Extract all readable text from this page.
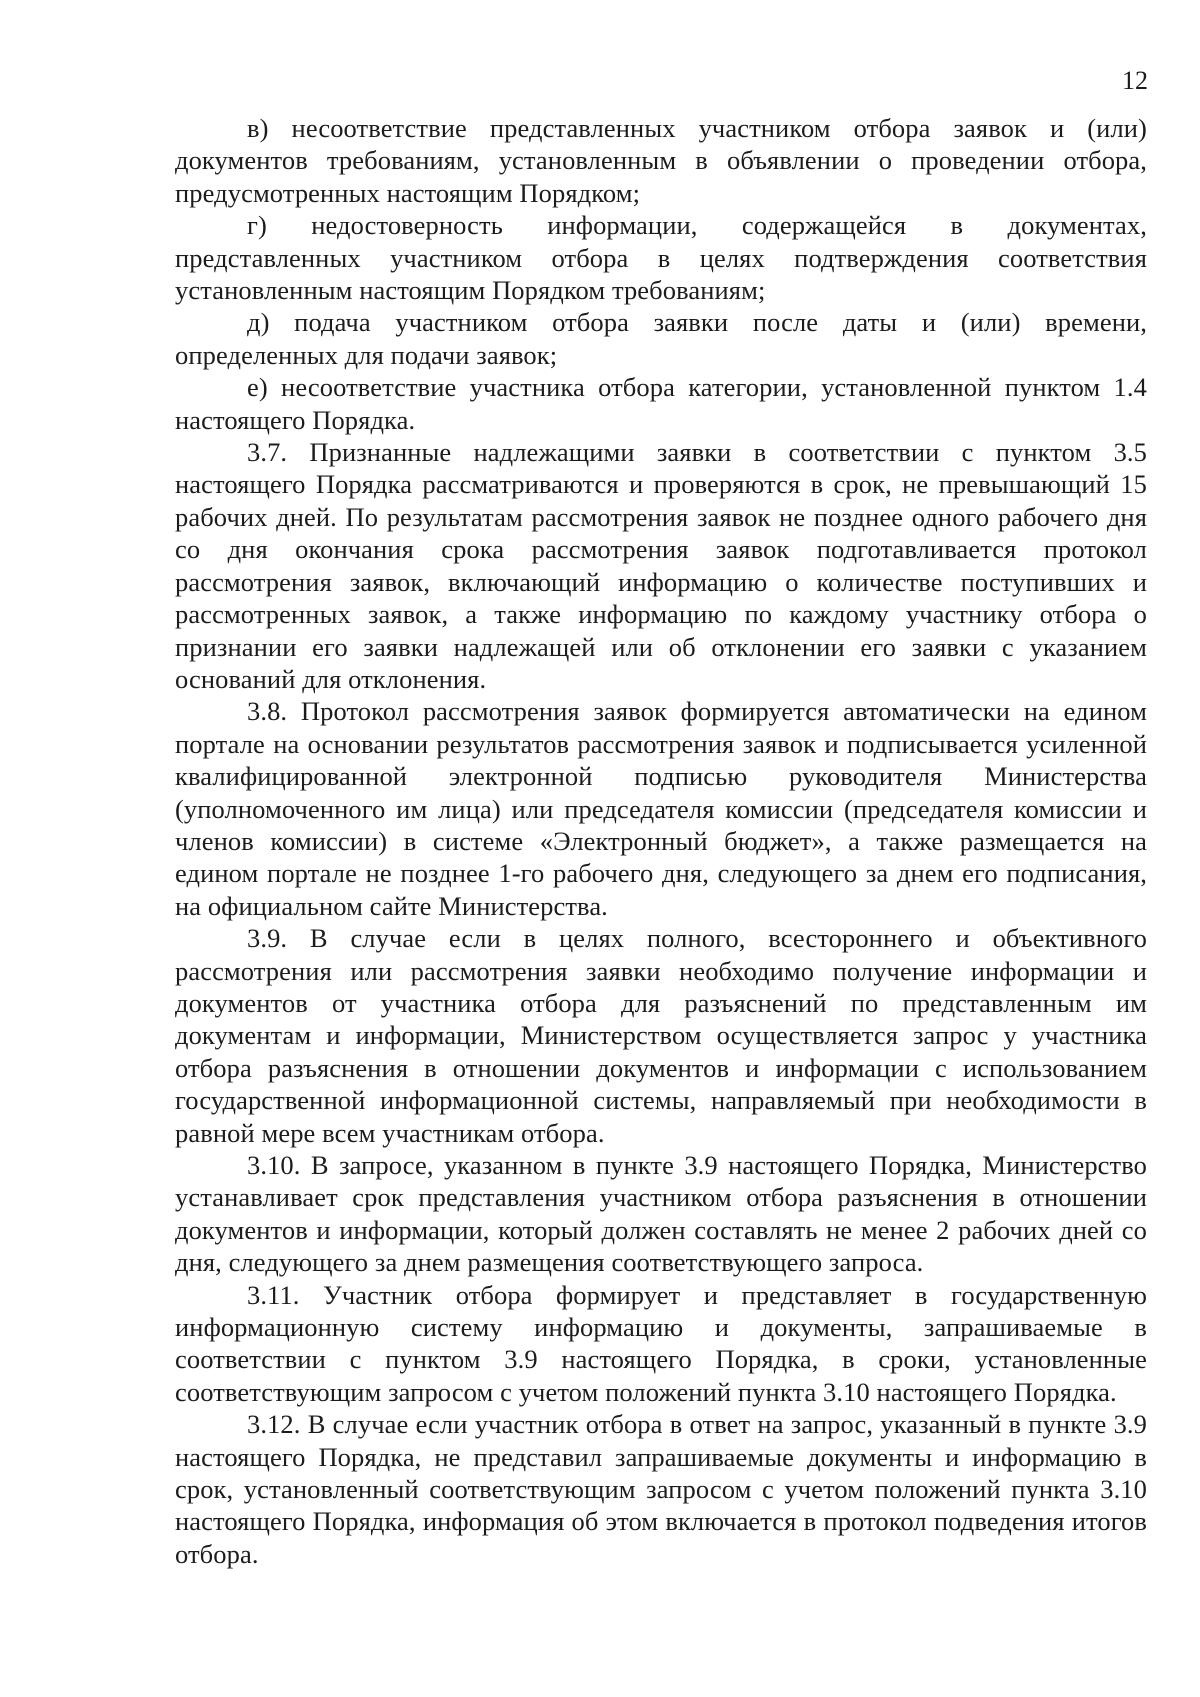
12

в) несоответствие представленных участником отбора заявок и (или) документов требованиям, установленным в объявлении о проведении отбора, предусмотренных настоящим Порядком;

г) недостоверность информации, содержащейся в документах, представленных участником отбора в целях подтверждения соответствия установленным настоящим Порядком требованиям;

д) подача участником отбора заявки после даты и (или) времени, определенных для подачи заявок;

е) несоответствие участника отбора категории, установленной пунктом 1.4 настоящего Порядка.

3.7. Признанные надлежащими заявки в соответствии с пунктом 3.5 настоящего Порядка рассматриваются и проверяются в срок, не превышающий 15 рабочих дней. По результатам рассмотрения заявок не позднее одного рабочего дня со дня окончания срока рассмотрения заявок подготавливается протокол рассмотрения заявок, включающий информацию о количестве поступивших и рассмотренных заявок, а также информацию по каждому участнику отбора о признании его заявки надлежащей или об отклонении его заявки с указанием оснований для отклонения.

3.8. Протокол рассмотрения заявок формируется автоматически на едином портале на основании результатов рассмотрения заявок и подписывается усиленной квалифицированной электронной подписью руководителя Министерства (уполномоченного им лица) или председателя комиссии (председателя комиссии и членов комиссии) в системе «Электронный бюджет», а также размещается на едином портале не позднее 1-го рабочего дня, следующего за днем его подписания, на официальном сайте Министерства.

3.9. В случае если в целях полного, всестороннего и объективного рассмотрения или рассмотрения заявки необходимо получение информации и документов от участника отбора для разъяснений по представленным им документам и информации, Министерством осуществляется запрос у участника отбора разъяснения в отношении документов и информации с использованием государственной информационной системы, направляемый при необходимости в равной мере всем участникам отбора.

3.10. В запросе, указанном в пункте 3.9 настоящего Порядка, Министерство устанавливает срок представления участником отбора разъяснения в отношении документов и информации, который должен составлять не менее 2 рабочих дней со дня, следующего за днем размещения соответствующего запроса.

3.11. Участник отбора формирует и представляет в государственную информационную систему информацию и документы, запрашиваемые в соответствии с пунктом 3.9 настоящего Порядка, в сроки, установленные соответствующим запросом с учетом положений пункта 3.10 настоящего Порядка.

3.12. В случае если участник отбора в ответ на запрос, указанный в пункте 3.9 настоящего Порядка, не представил запрашиваемые документы и информацию в срок, установленный соответствующим запросом с учетом положений пункта 3.10 настоящего Порядка, информация об этом включается в протокол подведения итогов отбора.
